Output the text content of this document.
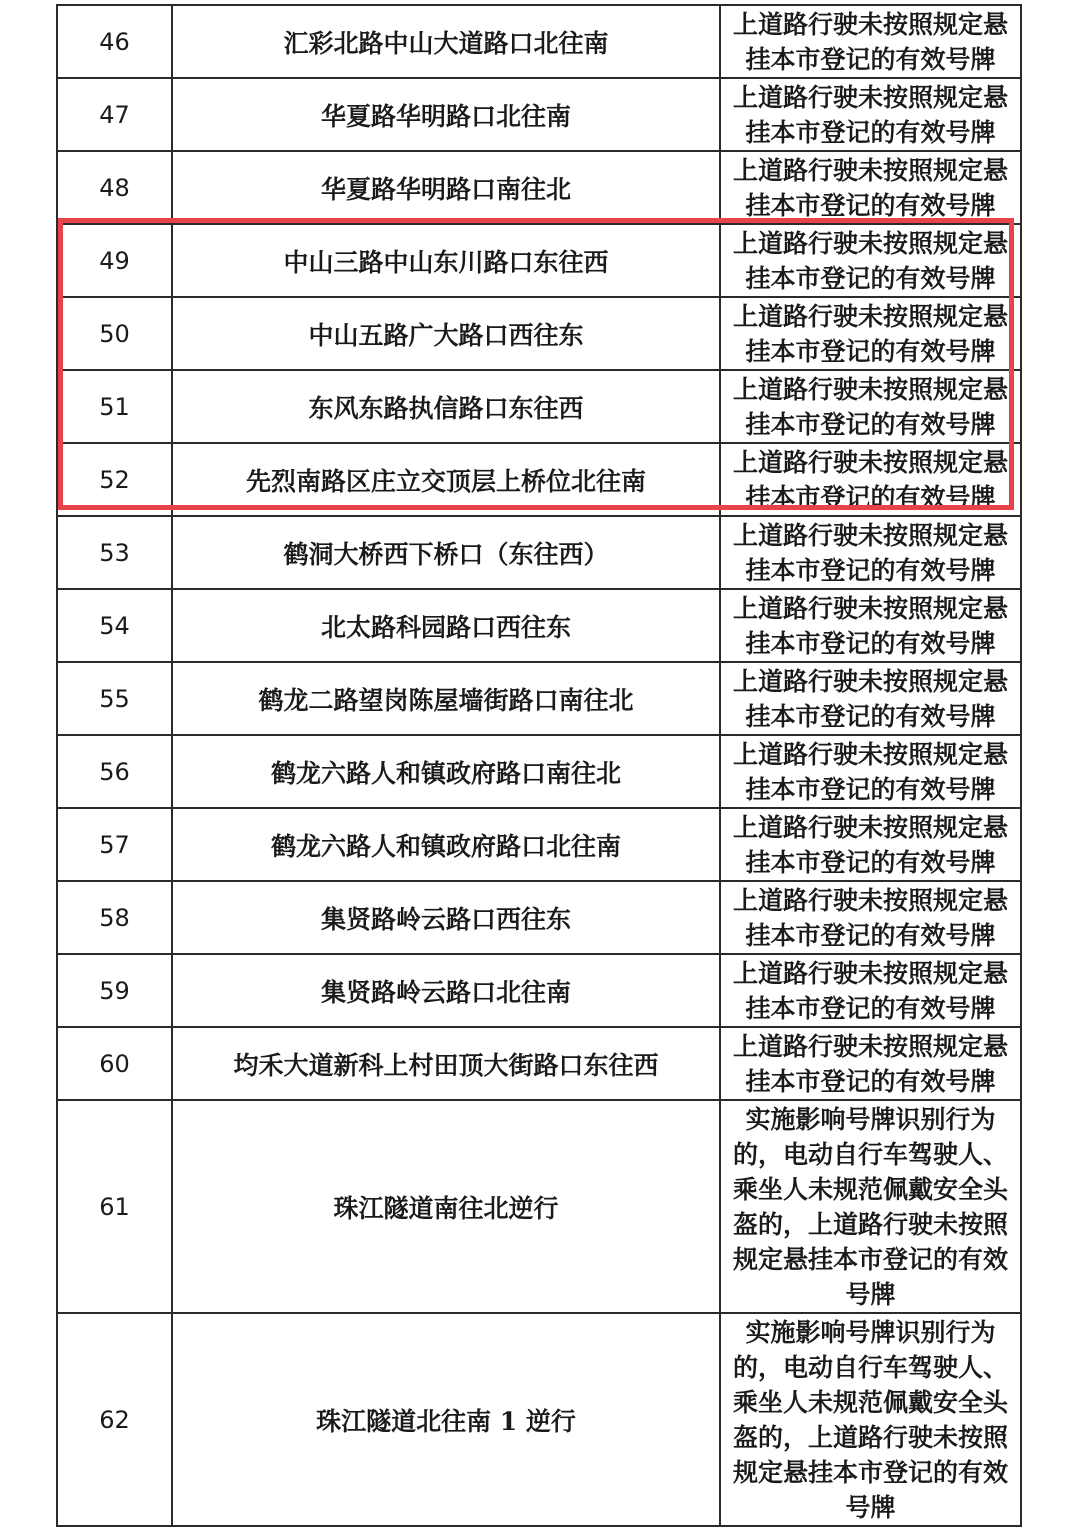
46	汇彩北路中山大道路口北往南	上道路行驶未按照规定悬挂本市登记的有效号牌

47	华夏路华明路口北往南	上道路行驶未按照规定悬挂本市登记的有效号牌

48	华夏路华明路口南往北	上道路行驶未按照规定悬挂本市登记的有效号牌

49	中山三路中山东川路口东往西	上道路行驶未按照规定悬挂本市登记的有效号牌

50	中山五路广大路口西往东	上道路行驶未按照规定悬挂本市登记的有效号牌

51	东风东路执信路口东往西	上道路行驶未按照规定悬挂本市登记的有效号牌

52	先烈南路区庄立交顶层上桥位北往南	上道路行驶未按照规定悬挂本市登记的有效号牌

53	鹤洞大桥西下桥口（东往西）	上道路行驶未按照规定悬挂本市登记的有效号牌

54	北太路科园路口西往东	上道路行驶未按照规定悬挂本市登记的有效号牌

55	鹤龙二路望岗陈屋墙街路口南往北	上道路行驶未按照规定悬挂本市登记的有效号牌

56	鹤龙六路人和镇政府路口南往北	上道路行驶未按照规定悬挂本市登记的有效号牌

57	鹤龙六路人和镇政府路口北往南	上道路行驶未按照规定悬挂本市登记的有效号牌

58	集贤路岭云路口西往东	上道路行驶未按照规定悬挂本市登记的有效号牌

59	集贤路岭云路口北往南	上道路行驶未按照规定悬挂本市登记的有效号牌

60	均禾大道新科上村田顶大街路口东往西	上道路行驶未按照规定悬挂本市登记的有效号牌

61	珠江隧道南往北逆行	实施影响号牌识别行为的，电动自行车驾驶人、乘坐人未规范佩戴安全头盔的，上道路行驶未按照规定悬挂本市登记的有效号牌

62	珠江隧道北往南 1 逆行	实施影响号牌识别行为的，电动自行车驾驶人、乘坐人未规范佩戴安全头盔的，上道路行驶未按照规定悬挂本市登记的有效号牌
